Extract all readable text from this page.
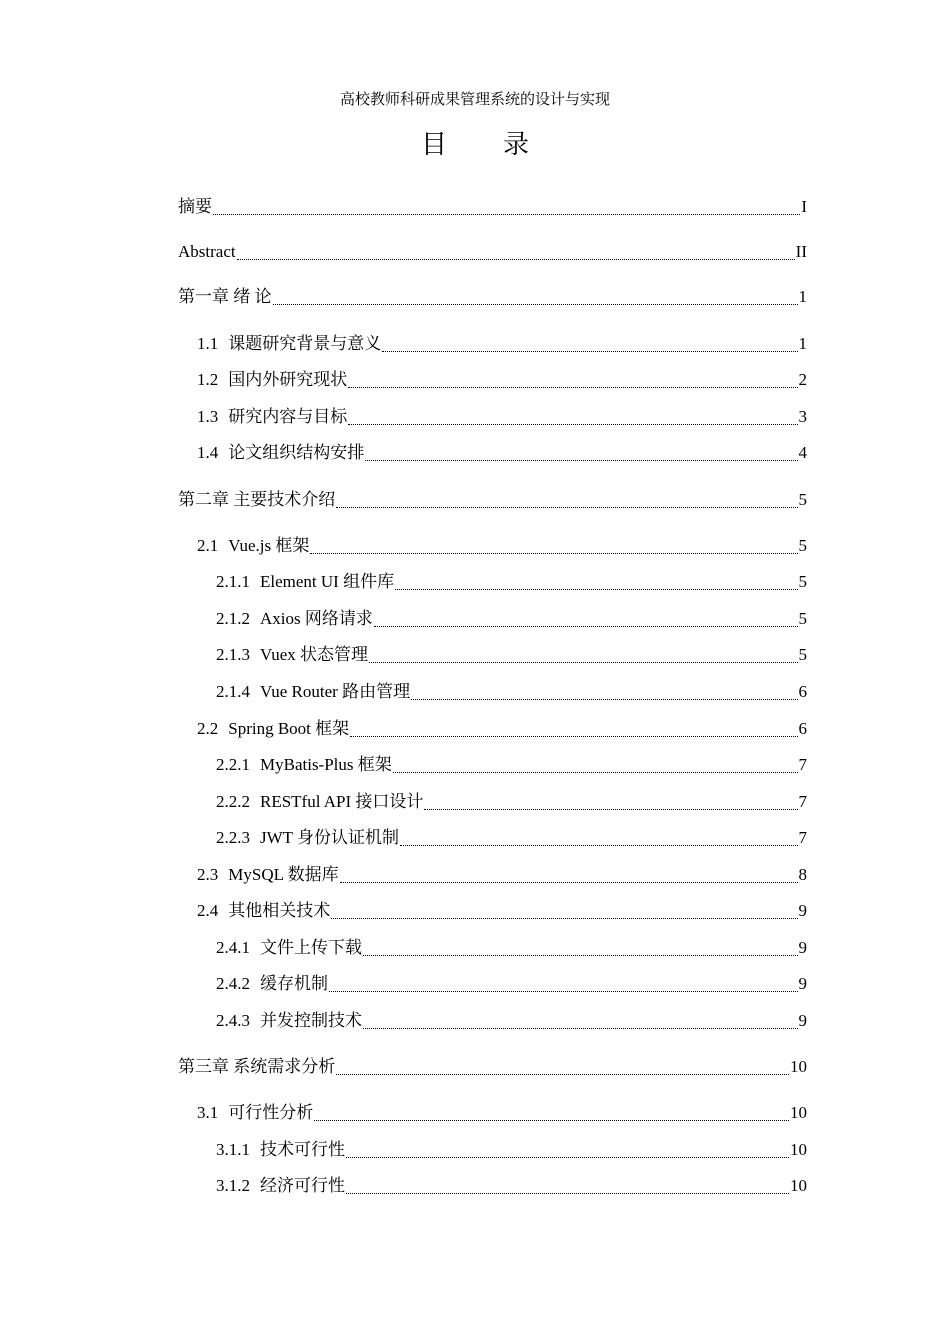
高校教师科研成果管理系统的设计与实现
目 录
摘要	I
Abstract	II
第一章 绪 论	1
1.1 课题研究背景与意义	1
1.2 国内外研究现状	2
1.3 研究内容与目标	3
1.4 论文组织结构安排	4
第二章 主要技术介绍	5
2.1 Vue.js 框架	5
2.1.1 Element UI 组件库	5
2.1.2 Axios 网络请求	5
2.1.3 Vuex 状态管理	5
2.1.4 Vue Router 路由管理	6
2.2 Spring Boot 框架	6
2.2.1 MyBatis-Plus 框架	7
2.2.2 RESTful API 接口设计	7
2.2.3 JWT 身份认证机制	7
2.3 MySQL 数据库	8
2.4 其他相关技术	9
2.4.1 文件上传下载	9
2.4.2 缓存机制	9
2.4.3 并发控制技术	9
第三章 系统需求分析	10
3.1 可行性分析	10
3.1.1 技术可行性	10
3.1.2 经济可行性	10
